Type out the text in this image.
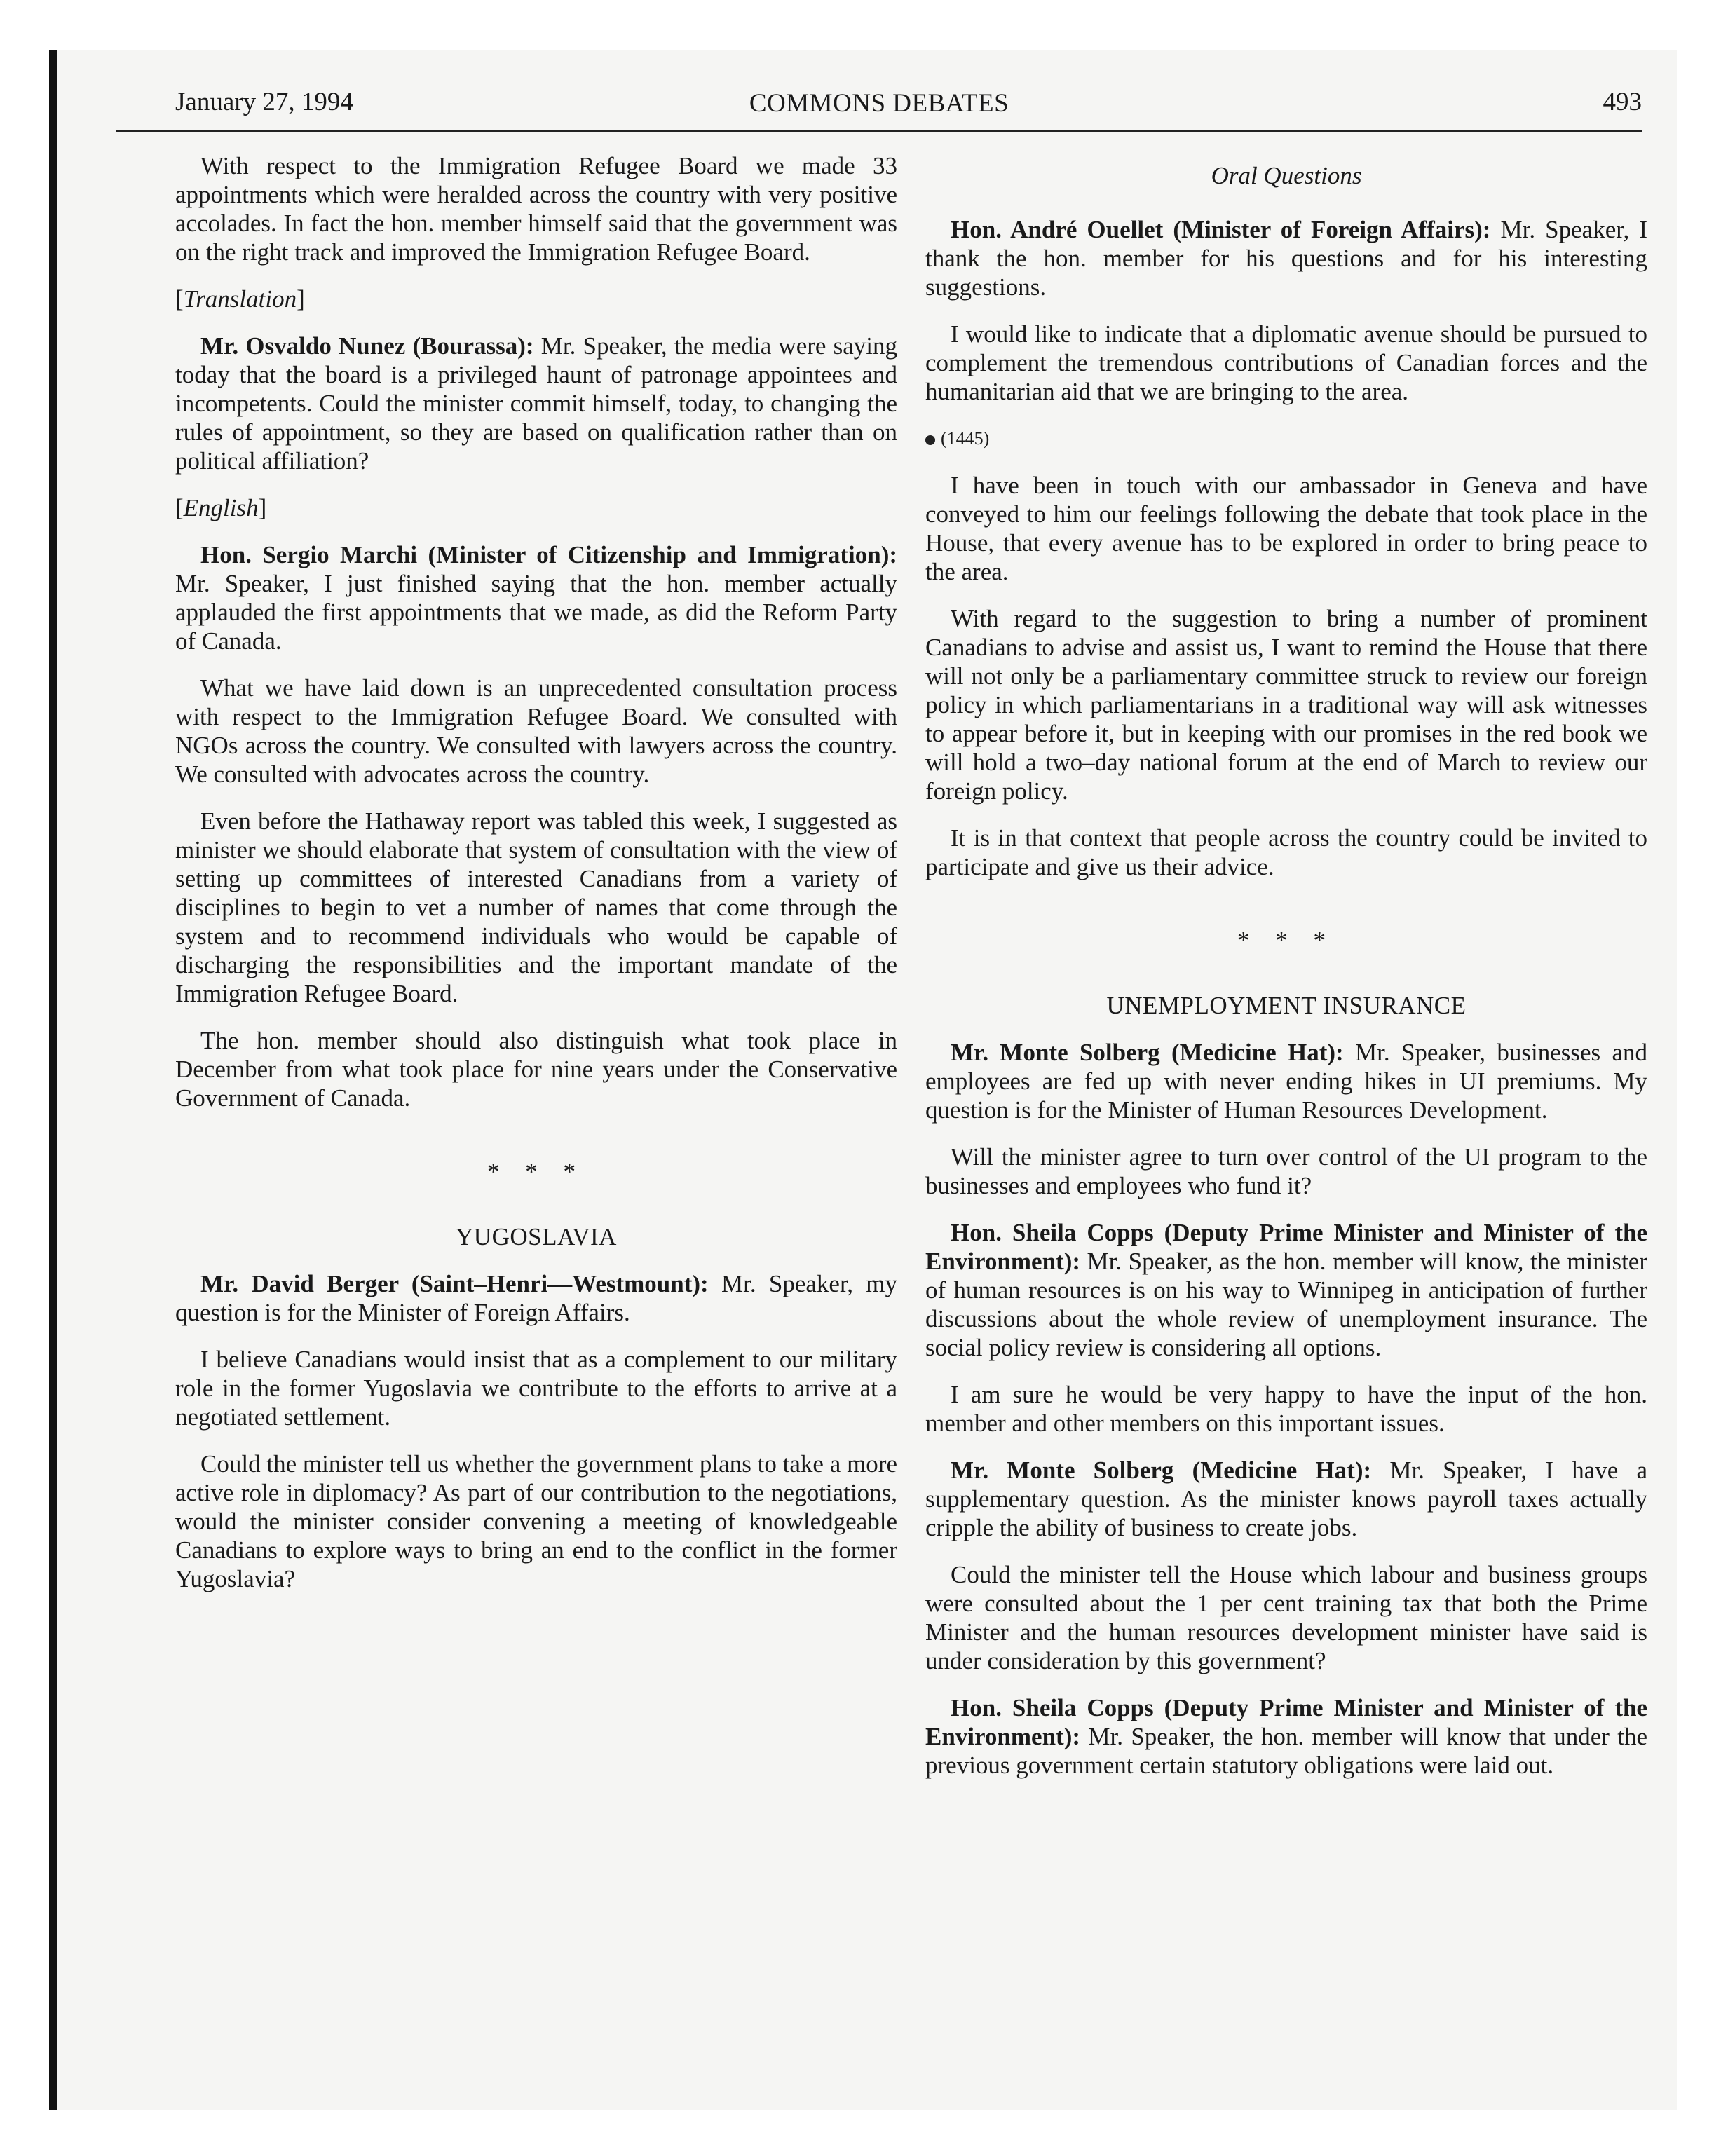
January 27, 1994	COMMONS DEBATES	493

With respect to the Immigration Refugee Board we made 33 appointments which were heralded across the country with very positive accolades. In fact the hon. member himself said that the government was on the right track and improved the Immigration Refugee Board.

[Translation]

Mr. Osvaldo Nunez (Bourassa): Mr. Speaker, the media were saying today that the board is a privileged haunt of patronage appointees and incompetents. Could the minister commit himself, today, to changing the rules of appointment, so they are based on qualification rather than on political affiliation?

[English]

Hon. Sergio Marchi (Minister of Citizenship and Immigration): Mr. Speaker, I just finished saying that the hon. member actually applauded the first appointments that we made, as did the Reform Party of Canada.

What we have laid down is an unprecedented consultation process with respect to the Immigration Refugee Board. We consulted with NGOs across the country. We consulted with lawyers across the country. We consulted with advocates across the country.

Even before the Hathaway report was tabled this week, I suggested as minister we should elaborate that system of consultation with the view of setting up committees of interested Canadians from a variety of disciplines to begin to vet a number of names that come through the system and to recommend individuals who would be capable of discharging the responsibilities and the important mandate of the Immigration Refugee Board.

The hon. member should also distinguish what took place in December from what took place for nine years under the Conservative Government of Canada.

* * *
YUGOSLAVIA

Mr. David Berger (Saint–Henri—Westmount): Mr. Speaker, my question is for the Minister of Foreign Affairs.

I believe Canadians would insist that as a complement to our military role in the former Yugoslavia we contribute to the efforts to arrive at a negotiated settlement.

Could the minister tell us whether the government plans to take a more active role in diplomacy? As part of our contribution to the negotiations, would the minister consider convening a meeting of knowledgeable Canadians to explore ways to bring an end to the conflict in the former Yugoslavia?

Oral Questions

Hon. André Ouellet (Minister of Foreign Affairs): Mr. Speaker, I thank the hon. member for his questions and for his interesting suggestions.

I would like to indicate that a diplomatic avenue should be pursued to complement the tremendous contributions of Canadian forces and the humanitarian aid that we are bringing to the area.

(1445)

I have been in touch with our ambassador in Geneva and have conveyed to him our feelings following the debate that took place in the House, that every avenue has to be explored in order to bring peace to the area.

With regard to the suggestion to bring a number of prominent Canadians to advise and assist us, I want to remind the House that there will not only be a parliamentary committee struck to review our foreign policy in which parliamentarians in a traditional way will ask witnesses to appear before it, but in keeping with our promises in the red book we will hold a two–day national forum at the end of March to review our foreign policy.

It is in that context that people across the country could be invited to participate and give us their advice.

* * *
UNEMPLOYMENT INSURANCE

Mr. Monte Solberg (Medicine Hat): Mr. Speaker, businesses and employees are fed up with never ending hikes in UI premiums. My question is for the Minister of Human Resources Development.

Will the minister agree to turn over control of the UI program to the businesses and employees who fund it?

Hon. Sheila Copps (Deputy Prime Minister and Minister of the Environment): Mr. Speaker, as the hon. member will know, the minister of human resources is on his way to Winnipeg in anticipation of further discussions about the whole review of unemployment insurance. The social policy review is considering all options.

I am sure he would be very happy to have the input of the hon. member and other members on this important issues.

Mr. Monte Solberg (Medicine Hat): Mr. Speaker, I have a supplementary question. As the minister knows payroll taxes actually cripple the ability of business to create jobs.

Could the minister tell the House which labour and business groups were consulted about the 1 per cent training tax that both the Prime Minister and the human resources development minister have said is under consideration by this government?

Hon. Sheila Copps (Deputy Prime Minister and Minister of the Environment): Mr. Speaker, the hon. member will know that under the previous government certain statutory obligations were laid out.
